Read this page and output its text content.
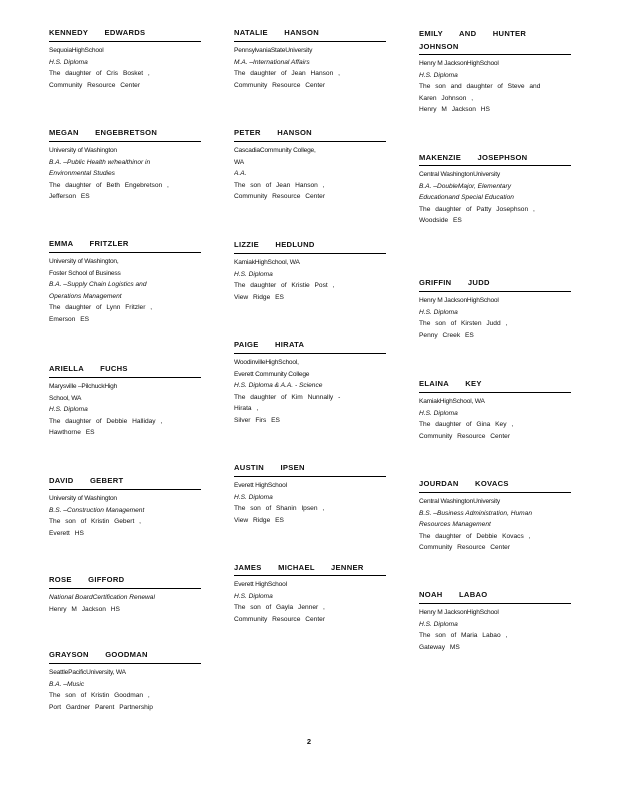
KENNEDY EDWARDS
SequoiaHighSchool
H.S. Diploma
The daughter of Cris Bosket ,
Community Resource Center
MEGAN ENGEBRETSON
University of Washington
B.A. –Public Health w/healthinor in
Environmental Studies
The daughter of Beth Engebretson ,
Jefferson ES
EMMA FRITZLER
University of Washington,
Foster School of Business
B.A. –Supply Chain Logistics and
Operations Management
The daughter of Lynn Fritzler ,
Emerson ES
ARIELLA FUCHS
Marysville –PilchuckHigh
School, WA
H.S. Diploma
The daughter of Debbie Halliday ,
Hawthorne ES
DAVID GEBERT
University of Washington
B.S. –Construction Management
The son of Kristin Gebert ,
Everett HS
ROSE GIFFORD
National BoardCertification Renewal
Henry M Jackson HS
GRAYSON GOODMAN
SeattlePacificUniversity, WA
B.A. –Music
The son of Kristin Goodman ,
Port Gardner Parent Partnership
NATALIE HANSON
PennsylvaniaStateUniversity
M.A. –International Affairs
The daughter of Jean Hanson ,
Community Resource Center
PETER HANSON
CascadiaCommunity College,
WA
A.A.
The son of Jean Hanson ,
Community Resource Center
LIZZIE HEDLUND
KamiakHighSchool, WA
H.S. Diploma
The daughter of Kristie Post ,
View Ridge ES
PAIGE HIRATA
WoodinvilleHighSchool,
Everett Community College
H.S. Diploma & A.A. - Science
The daughter of Kim Nunnally -
Hirata ,
Silver Firs ES
AUSTIN IPSEN
Everett HighSchool
H.S. Diploma
The son of Shanin Ipsen ,
View Ridge ES
JAMES MICHAEL JENNER
Everett HighSchool
H.S. Diploma
The son of Gayla Jenner ,
Community Resource Center
EMILY AND HUNTER JOHNSON
Henry M JacksonHighSchool
H.S. Diploma
The son and daughter of Steve and
Karen Johnson ,
Henry M Jackson HS
MAKENZIE JOSEPHSON
Central WashingtonUniversity
B.A. –DoubleMajor, Elementary
Educationand Special Education
The daughter of Patty Josephson ,
Woodside ES
GRIFFIN JUDD
Henry M JacksonHighSchool
H.S. Diploma
The son of Kirsten Judd ,
Penny Creek ES
ELAINA KEY
KamiakHighSchool, WA
H.S. Diploma
The daughter of Gina Key ,
Community Resource Center
JOURDAN KOVACS
Central WashingtonUniversity
B.S. –Business Administration, Human
Resources Management
The daughter of Debbie Kovacs ,
Community Resource Center
NOAH LABAO
Henry M JacksonHighSchool
H.S. Diploma
The son of Maria Labao ,
Gateway MS
2
